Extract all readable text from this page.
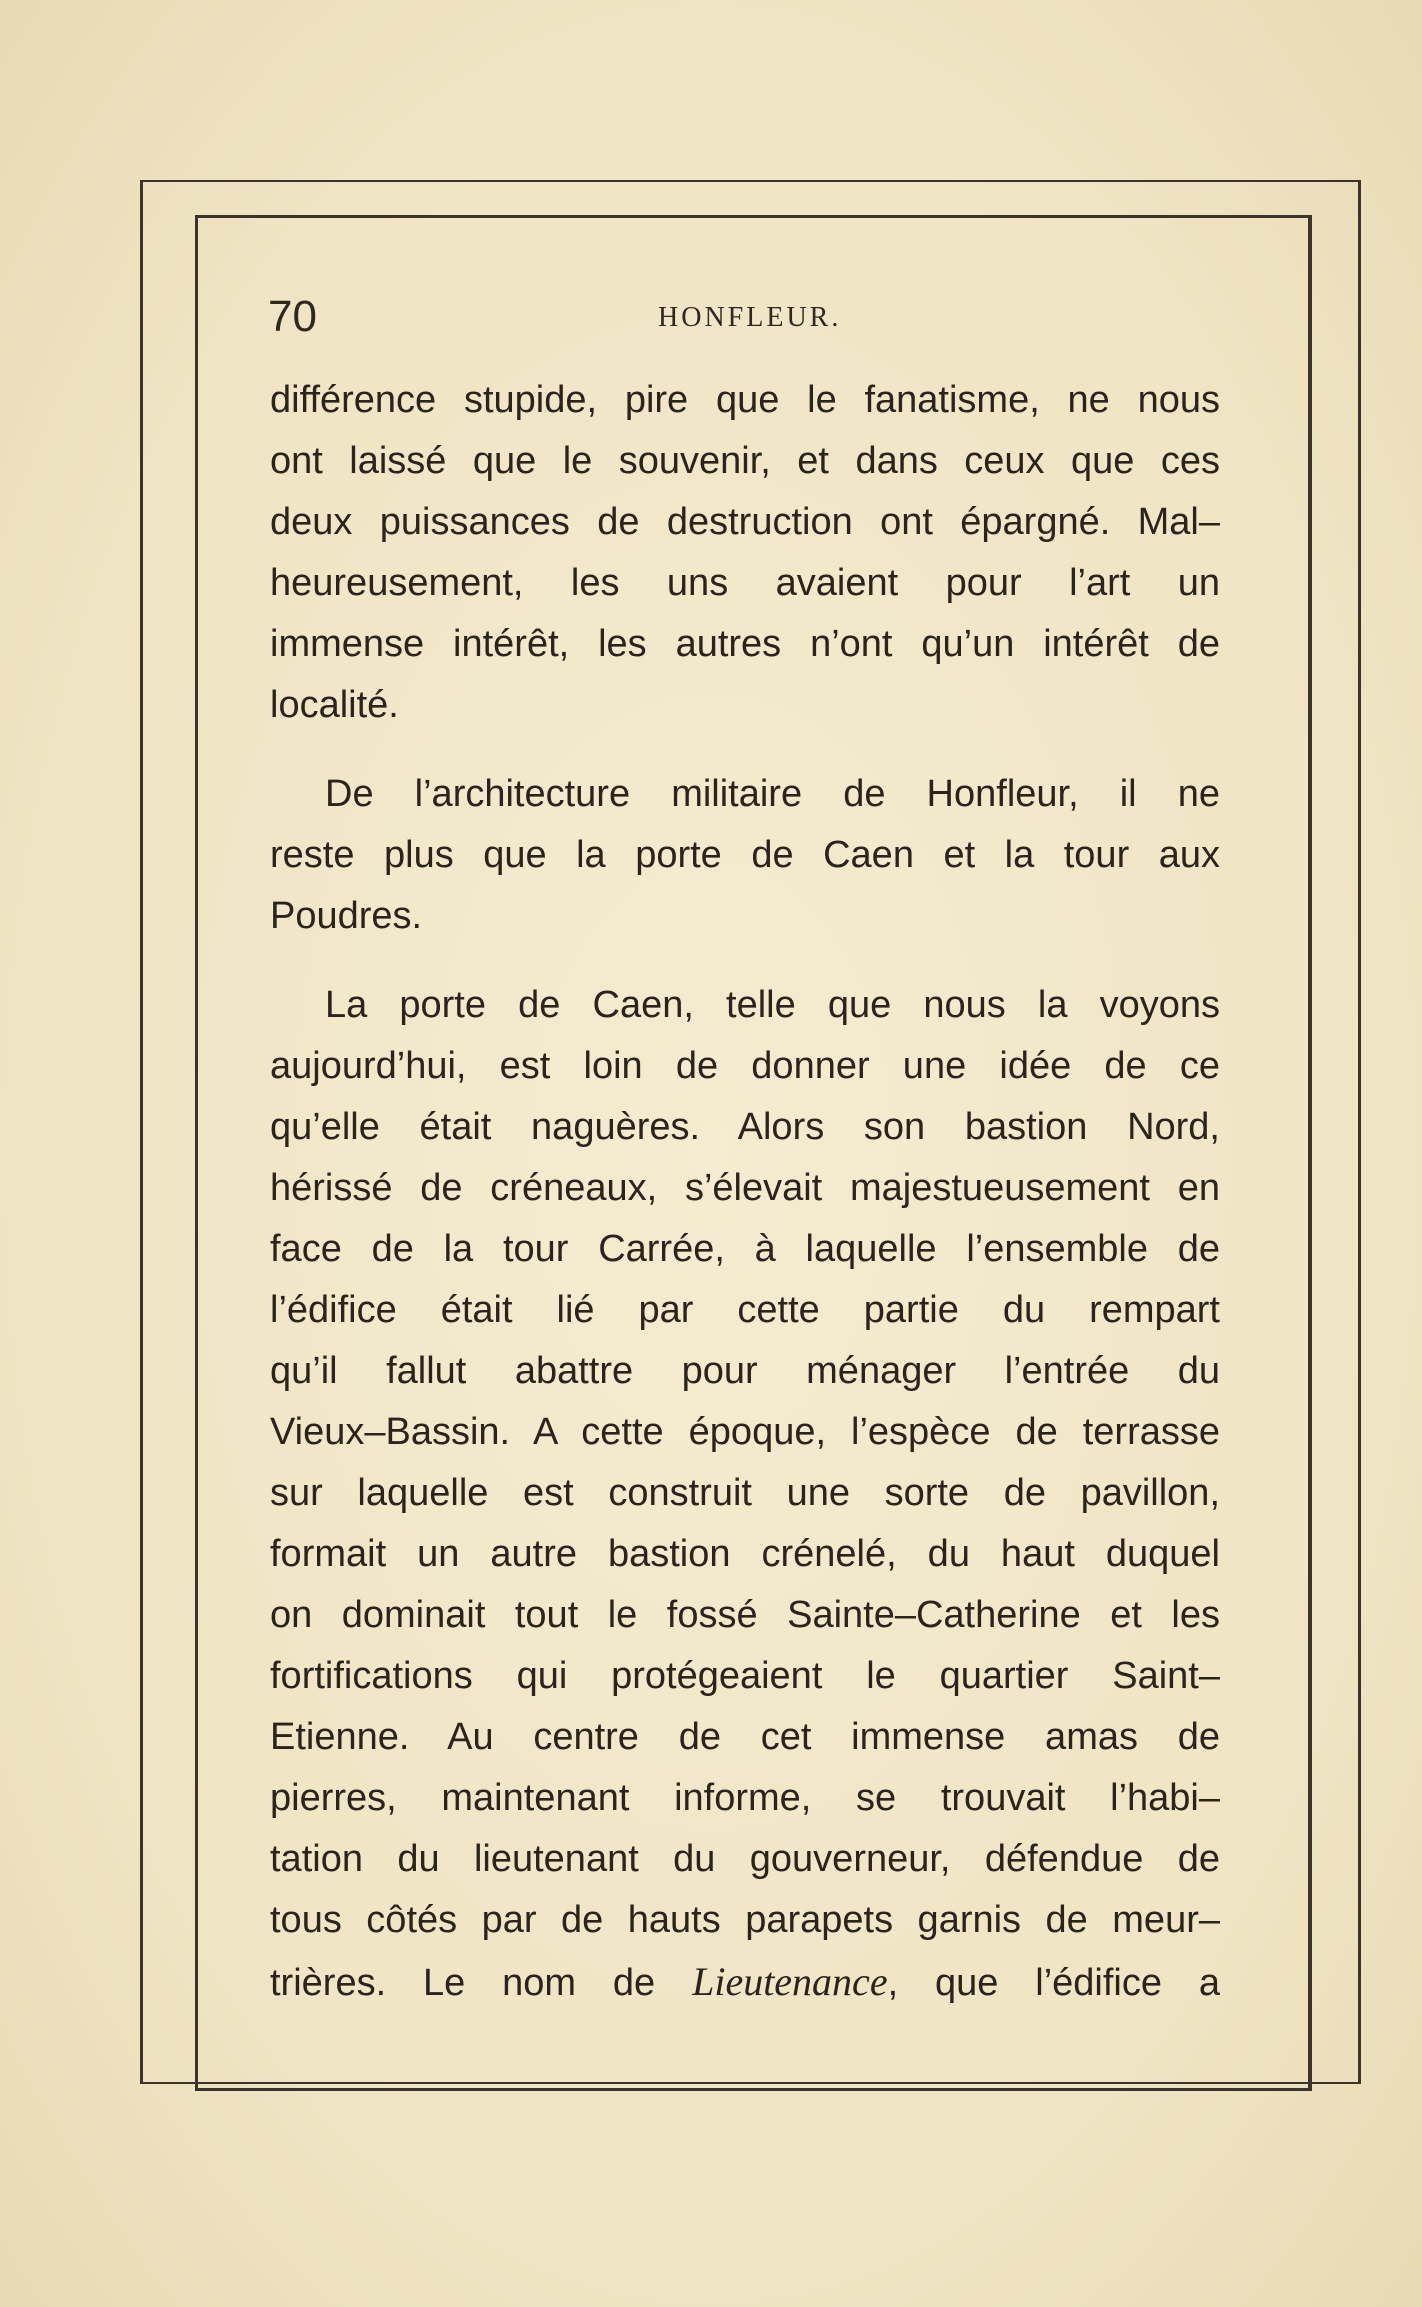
70	HONFLEUR.
différence stupide, pire que le fanatisme, ne nous
ont laissé que le souvenir, et dans ceux que ces
deux puissances de destruction ont épargné. Mal–
heureusement, les uns avaient pour l’art un
immense intérêt, les autres n’ont qu’un intérêt de
localité.
De l’architecture militaire de Honfleur, il ne
reste plus que la porte de Caen et la tour aux
Poudres.
La porte de Caen, telle que nous la voyons
aujourd’hui, est loin de donner une idée de ce
qu’elle était naguères. Alors son bastion Nord,
hérissé de créneaux, s’élevait majestueusement en
face de la tour Carrée, à laquelle l’ensemble de
l’édifice était lié par cette partie du rempart
qu’il fallut abattre pour ménager l’entrée du
Vieux–Bassin. A cette époque, l’espèce de terrasse
sur laquelle est construit une sorte de pavillon,
formait un autre bastion crénelé, du haut duquel
on dominait tout le fossé Sainte–Catherine et les
fortifications qui protégeaient le quartier Saint–
Etienne. Au centre de cet immense amas de
pierres, maintenant informe, se trouvait l’habi–
tation du lieutenant du gouverneur, défendue de
tous côtés par de hauts parapets garnis de meur–
trières. Le nom de Lieutenance, que l’édifice a
